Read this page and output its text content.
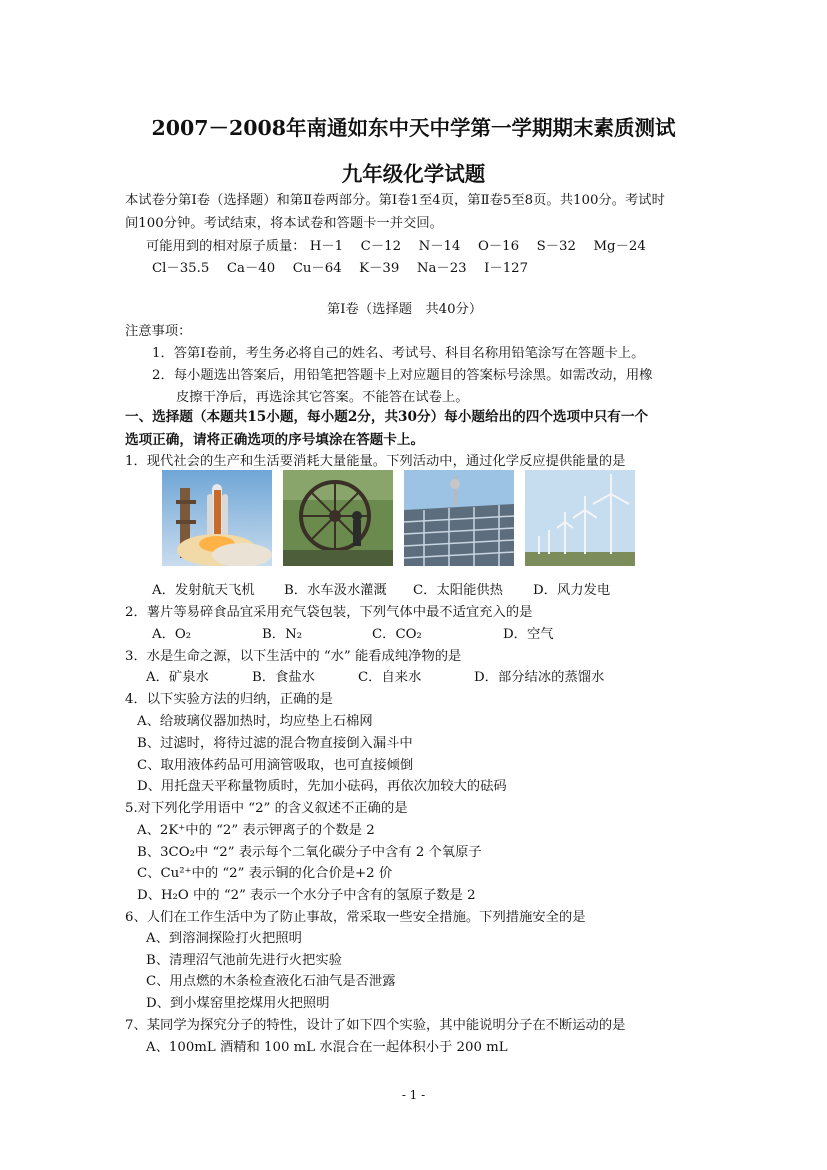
2007－2008年南通如东中天中学第一学期期末素质测试
九年级化学试题
本试卷分第Ⅰ卷（选择题）和第Ⅱ卷两部分。第Ⅰ卷1至4页，第Ⅱ卷5至8页。共100分。考试时
间100分钟。考试结束，将本试卷和答题卡一并交回。
可能用到的相对原子质量： H－1 　C－12 　N－14 　O－16 　S－32 　Mg－24
Cl－35.5 　Ca－40 　Cu－64 　K－39 　Na－23 　I－127
第Ⅰ卷（选择题　共40分）
注意事项：
1．答第Ⅰ卷前，考生务必将自己的姓名、考试号、科目名称用铅笔涂写在答题卡上。
2．每小题选出答案后，用铅笔把答题卡上对应题目的答案标号涂黑。如需改动，用橡
皮擦干净后，再选涂其它答案。不能答在试卷上。
一、选择题（本题共15小题，每小题2分，共30分）每小题给出的四个选项中只有一个
选项正确，请将正确选项的序号填涂在答题卡上。
1．现代社会的生产和生活要消耗大量能量。下列活动中，通过化学反应提供能量的是
A．发射航天飞机 B．水车汲水灌溉 C．太阳能供热 D．风力发电
2．薯片等易碎食品宜采用充气袋包装，下列气体中最不适宜充入的是
A．O₂	B．N₂	C．CO₂	D．空气
3．水是生命之源，以下生活中的 “水” 能看成纯净物的是
A．矿泉水	B．食盐水	C．自来水	D．部分结冰的蒸馏水
4．以下实验方法的归纳，正确的是
A、给玻璃仪器加热时，均应垫上石棉网
B、过滤时，将待过滤的混合物直接倒入漏斗中
C、取用液体药品可用滴管吸取，也可直接倾倒
D、用托盘天平称量物质时，先加小砝码，再依次加较大的砝码
5.对下列化学用语中 “2” 的含义叙述不正确的是
A、2K⁺中的 “2” 表示钾离子的个数是 2
B、3CO₂中 “2” 表示每个二氧化碳分子中含有 2 个氧原子
C、Cu²⁺中的 “2” 表示铜的化合价是+2 价
D、H₂O 中的 “2” 表示一个水分子中含有的氢原子数是 2
6、人们在工作生活中为了防止事故，常采取一些安全措施。下列措施安全的是
A、到溶洞探险打火把照明
B、清理沼气池前先进行火把实验
C、用点燃的木条检查液化石油气是否泄露
D、到小煤窑里挖煤用火把照明
7、某同学为探究分子的特性，设计了如下四个实验，其中能说明分子在不断运动的是
A、100mL 酒精和 100 mL 水混合在一起体积小于 200 mL
- 1 -
